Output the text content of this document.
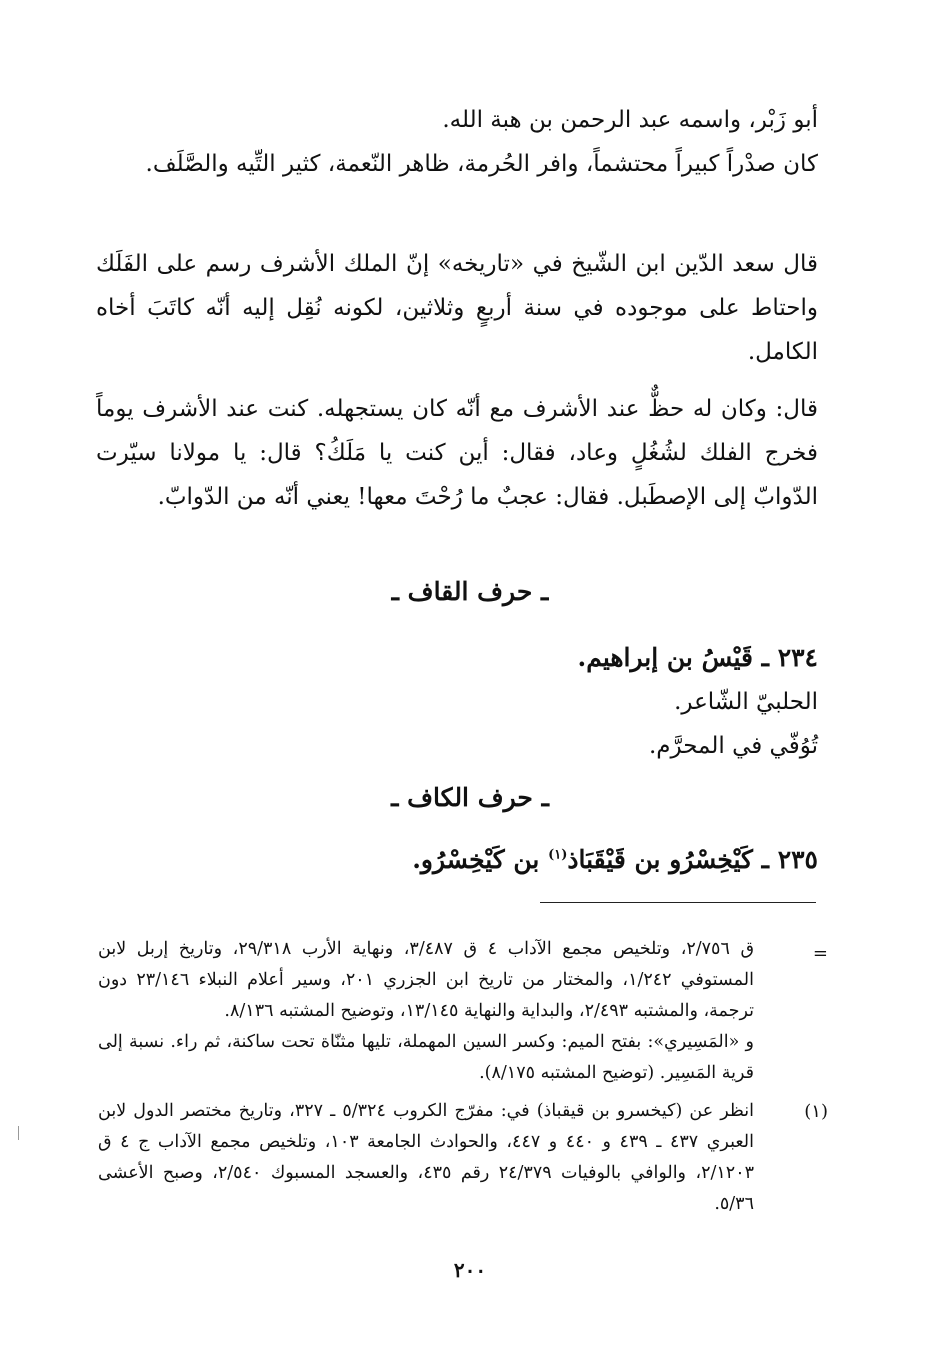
أبو زَبْر، واسمه عبد الرحمن بن هبة الله.
كان صدْراً كبيراً محتشماً، وافر الحُرمة، ظاهر النّعمة، كثير التِّيه والصَّلَف.
قال سعد الدّين ابن الشّيخ في «تاريخه» إنّ الملك الأشرف رسم على الفَلَك واحتاط على موجوده في سنة أربعٍ وثلاثين، لكونه نُقِل إليه أنّه كاتَبَ أخاه الكامل.
قال: وكان له حظٌّ عند الأشرف مع أنّه كان يستجهله. كنت عند الأشرف يوماً فخرج الفلك لشُغُلٍ وعاد، فقال: أين كنت يا مَلَكُ؟ قال: يا مولانا سيّرت الدّوابّ إلى الإصطَبل. فقال: عجبٌ ما رُحْتَ معها! يعني أنّه من الدّوابّ.
ـ حرف القاف ـ
٢٣٤ ـ قَيْسُ بن إبراهيم.
الحلبيّ الشّاعر.
تُوُفّي في المحرَّم.
ـ حرف الكاف ـ
٢٣٥ ـ كَيْخِسْرُو بن قَيْقَبَاذ$^{(١)}$ بن كَيْخِسْرُو.
=
ق ٢/٧٥٦، وتلخيص مجمع الآداب ٤ ق ٣/٤٨٧، ونهاية الأرب ٢٩/٣١٨، وتاريخ إربل لابن المستوفي ١/٢٤٢، والمختار من تاريخ ابن الجزري ٢٠١، وسير أعلام النبلاء ٢٣/١٤٦ دون ترجمة، والمشتبه ٢/٤٩٣، والبداية والنهاية ١٣/١٤٥، وتوضيح المشتبه ٨/١٣٦.
و «المَسِيري»: بفتح الميم: وكسر السين المهملة، تليها مثنّاة تحت ساكنة، ثم راء. نسبة إلى قرية المَسِير. (توضيح المشتبه ٨/١٧٥).
(١)
انظر عن (كيخسرو بن قيقباذ) في: مفرّج الكروب ٥/٣٢٤ ـ ٣٢٧، وتاريخ مختصر الدول لابن العبري ٤٣٧ ـ ٤٣٩ و ٤٤٠ و ٤٤٧، والحوادث الجامعة ١٠٣، وتلخيص مجمع الآداب ج ٤ ق ٢/١٢٠٣، والوافي بالوفيات ٢٤/٣٧٩ رقم ٤٣٥، والعسجد المسبوك ٢/٥٤٠، وصبح الأعشى ٥/٣٦.
٢٠٠
